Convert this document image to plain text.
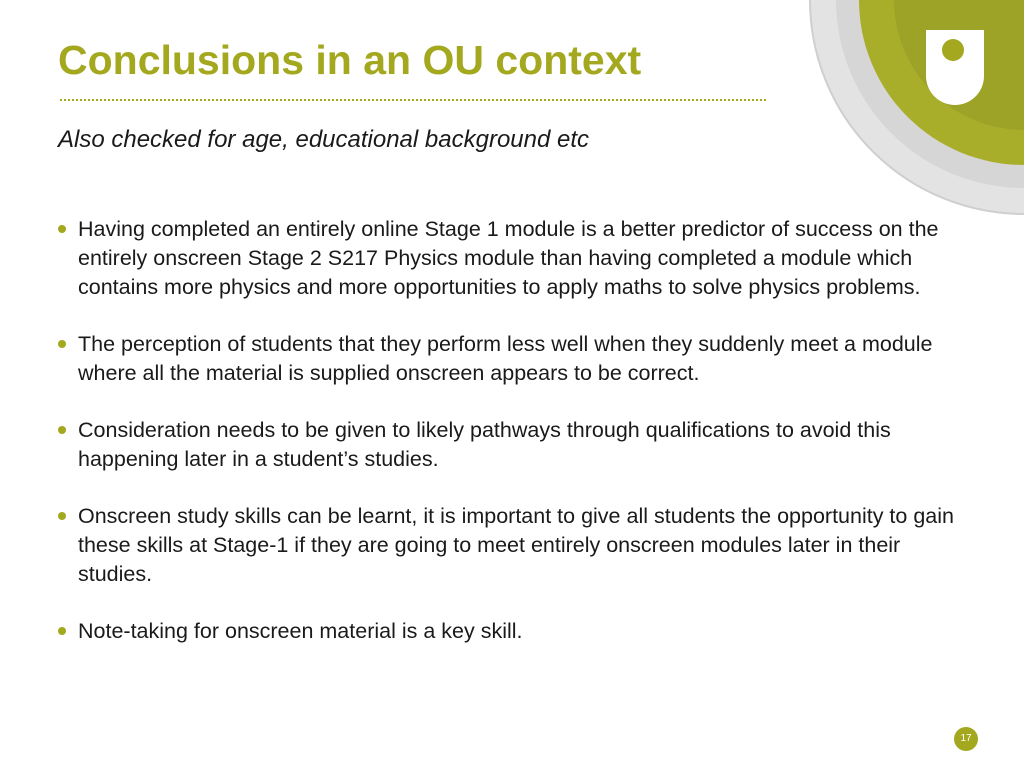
Conclusions in an OU context
Also checked for age, educational background etc
Having completed an entirely online Stage 1 module is a better predictor of success on the entirely onscreen Stage 2 S217 Physics module than having completed a module which contains more physics and more opportunities to apply maths to solve physics problems.
The perception of students that they perform less well when they suddenly meet a module where all the material is supplied onscreen appears to be correct.
Consideration needs to be given to likely pathways through qualifications to avoid this happening later in a student’s studies.
Onscreen study skills can be learnt, it is important to give all students the opportunity to gain these skills at Stage-1 if they are going to meet entirely onscreen modules later in their studies.
Note-taking for onscreen material is a key skill.
17
